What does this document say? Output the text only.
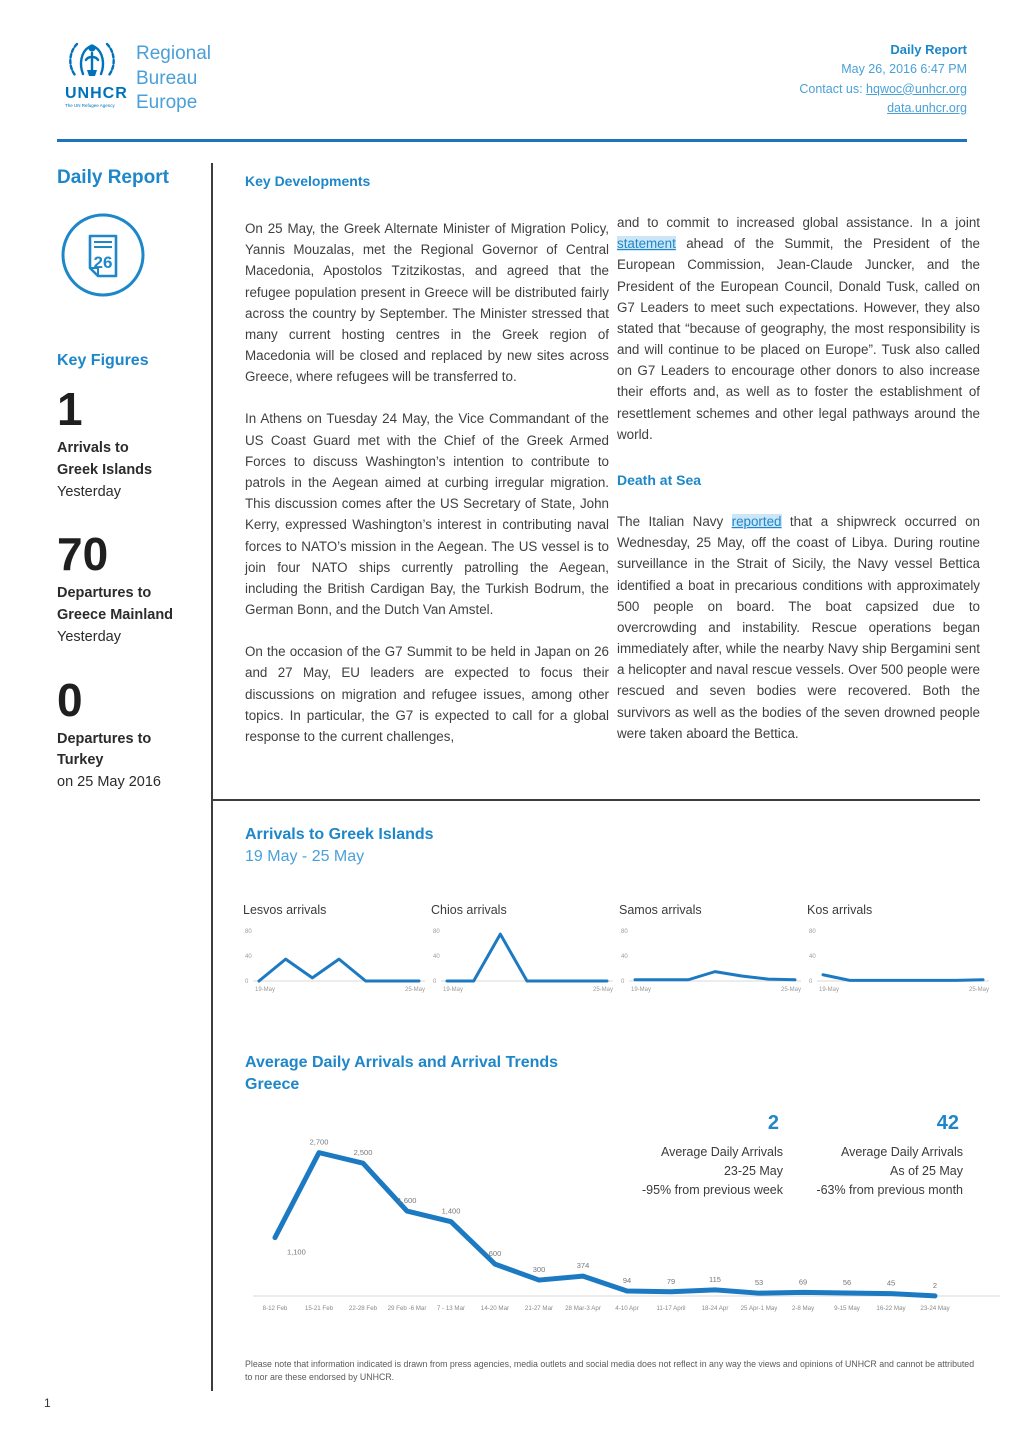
UNHCR
The UN Refugee Agency
Regional
Bureau
Europe
Daily Report
May 26, 2016 6:47 PM
Contact us: hqwoc@unhcr.org
data.unhcr.org
Daily Report
26
Key Figures
1
Arrivals to
Greek Islands
Yesterday
70
Departures to
Greece Mainland
Yesterday
0
Departures to
Turkey
on 25 May 2016
Key Developments

On 25 May, the Greek Alternate Minister of Migration Policy, Yannis Mouzalas, met the Regional Governor of Central Macedonia, Apostolos Tzitzikostas, and agreed that the refugee population present in Greece will be distributed fairly across the country by September. The Minister stressed that many current hosting centres in the Greek region of Macedonia will be closed and replaced by new sites across Greece, where refugees will be transferred to.

In Athens on Tuesday 24 May, the Vice Commandant of the US Coast Guard met with the Chief of the Greek Armed Forces to discuss Washington’s intention to contribute to patrols in the Aegean aimed at curbing irregular migration. This discussion comes after the US Secretary of State, John Kerry, expressed Washington’s interest in contributing naval forces to NATO’s mission in the Aegean. The US vessel is to join four NATO ships currently patrolling the Aegean, including the British Cardigan Bay, the Turkish Bodrum, the German Bonn, and the Dutch Van Amstel.

On the occasion of the G7 Summit to be held in Japan on 26 and 27 May, EU leaders are expected to focus their discussions on migration and refugee issues, among other topics. In particular, the G7 is expected to call for a global response to the current challenges,

and to commit to increased global assistance. In a joint statement ahead of the Summit, the President of the European Commission, Jean-Claude Juncker, and the President of the European Council, Donald Tusk, called on G7 Leaders to meet such expectations. However, they also stated that “because of geography, the most responsibility is and will continue to be placed on Europe”. Tusk also called on G7 Leaders to encourage other donors to also increase their efforts and, as well as to foster the establishment of resettlement schemes and other legal pathways around the world.

Death at Sea

The Italian Navy reported that a shipwreck occurred on Wednesday, 25 May, off the coast of Libya. During routine surveillance in the Strait of Sicily, the Navy vessel Bettica identified a boat in precarious conditions with approximately 500 people on board. The boat capsized due to overcrowding and instability. Rescue operations began immediately after, while the nearby Navy ship Bergamini sent a helicopter and naval rescue vessels. Over 500 people were rescued and seven bodies were recovered. Both the survivors as well as the bodies of the seven drowned people were taken aboard the Bettica.

Arrivals to Greek Islands
19 May - 25 May
Lesvos arrivals
0
40
80
19-May	25-May
Chios arrivals
0
40
80
19-May	25-May
Samos arrivals
0
40
80
19-May	25-May
Kos arrivals
0
40
80
19-May	25-May
Average Daily Arrivals and Arrival Trends
Greece
1,100
2,700
2,500
1,600
1,400
600
300	374
94	79	115	53	69	56	45	2
8-12 Feb	15-21 Feb	22-28 Feb 29 Feb -6 Mar 7 - 13 Mar	14-20 Mar	21-27 Mar 28 Mar-3 Apr 4-10 Apr	11-17 April	18-24 Apr 25 Apr-1 May 2-8 May	9-15 May	16-22 May 23-24 May
2
Average Daily Arrivals
23-25 May
-95% from previous week
42
Average Daily Arrivals
As of 25 May
-63% from previous month
Please note that information indicated is drawn from press agencies, media outlets and social media does not reflect in any way the views and opinions of UNHCR and cannot be attributed to nor are these endorsed by UNHCR.
1
